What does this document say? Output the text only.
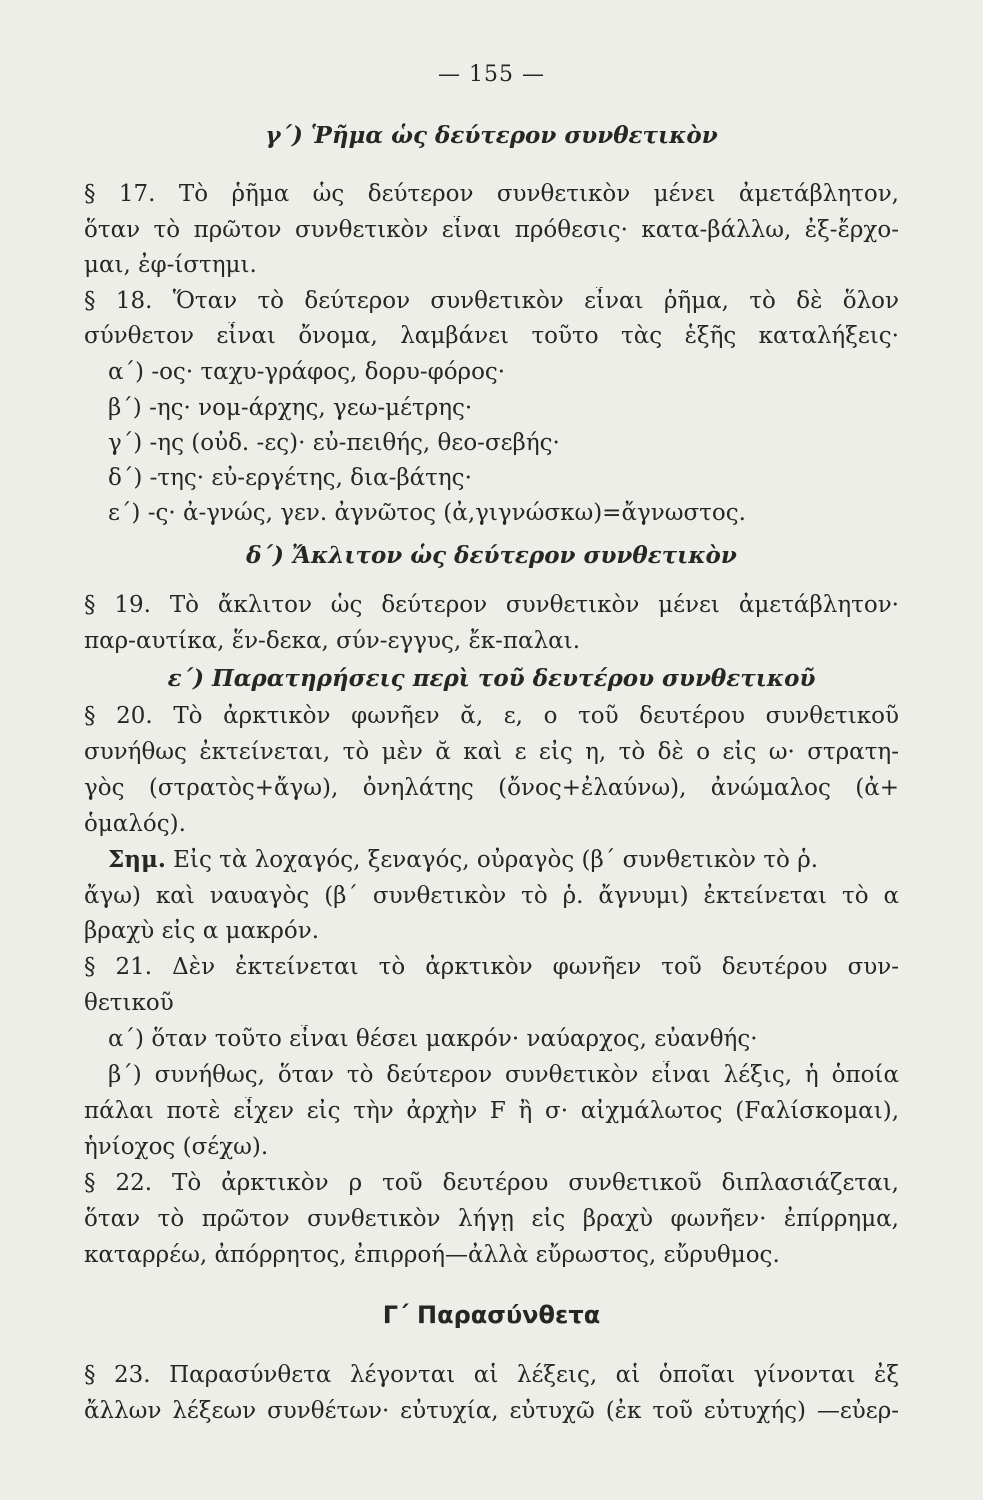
— 155 —
γ΄) Ῥῆμα ὡς δεύτερον συνθετικὸν
§ 17. Τὸ ῥῆμα ὡς δεύτερον συνθετικὸν μένει ἀμετάβλητον,
ὅταν τὸ πρῶτον συνθετικὸν εἶναι πρόθεσις· κατα-βάλλω, ἐξ-ἔρχο-
μαι, ἐφ-ίστημι.
§ 18. Ὅταν τὸ δεύτερον συνθετικὸν εἶναι ῥῆμα, τὸ δὲ ὅλον
σύνθετον εἶναι ὄνομα, λαμβάνει τοῦτο τὰς ἑξῆς καταλήξεις·
α΄) -ος· ταχυ-γράφος, δορυ-φόρος·
β΄) -ης· νομ-άρχης, γεω-μέτρης·
γ΄) -ης (οὐδ. -ες)· εὐ-πειθής, θεο-σεβής·
δ΄) -της· εὐ-εργέτης, δια-βάτης·
ε΄) -ς· ἀ-γνώς, γεν. ἀγνῶτος (ἀ,γιγνώσκω)=ἄγνωστος.
δ΄) Ἄκλιτον ὡς δεύτερον συνθετικὸν
§ 19. Τὸ ἄκλιτον ὡς δεύτερον συνθετικὸν μένει ἀμετάβλητον·
παρ-αυτίκα, ἕν-δεκα, σύν-εγγυς, ἔκ-παλαι.
ε΄) Παρατηρήσεις περὶ τοῦ δευτέρου συνθετικοῦ
§ 20. Τὸ ἀρκτικὸν φωνῆεν ᾰ, ε, ο τοῦ δευτέρου συνθετικοῦ
συνήθως ἐκτείνεται, τὸ μὲν ᾰ καὶ ε εἰς η, τὸ δὲ ο εἰς ω· στρατη-
γὸς (στρατὸς+ἄγω), ὀνηλάτης (ὄνος+ἐλαύνω), ἀνώμαλος (ἀ+
ὁμαλός).
Σημ. Εἰς τὰ λοχαγός, ξεναγός, οὐραγὸς (β΄ συνθετικὸν τὸ ῥ.
ἄγω) καὶ ναυαγὸς (β΄ συνθετικὸν τὸ ῥ. ἄγνυμι) ἐκτείνεται τὸ α
βραχὺ εἰς α μακρόν.
§ 21. Δὲν ἐκτείνεται τὸ ἀρκτικὸν φωνῆεν τοῦ δευτέρου συν-
θετικοῦ
α΄) ὅταν τοῦτο εἶναι θέσει μακρόν· ναύαρχος, εὐανθής·
β΄) συνήθως, ὅταν τὸ δεύτερον συνθετικὸν εἶναι λέξις, ἡ ὁποία
πάλαι ποτὲ εἶχεν εἰς τὴν ἀρχὴν F ἢ σ· αἰχμάλωτος (Fαλίσκομαι),
ἡνίοχος (σέχω).
§ 22. Τὸ ἀρκτικὸν ρ τοῦ δευτέρου συνθετικοῦ διπλασιάζεται,
ὅταν τὸ πρῶτον συνθετικὸν λήγῃ εἰς βραχὺ φωνῆεν· ἐπίρρημα,
καταρρέω, ἀπόρρητος, ἐπιρροή—ἀλλὰ εὔρωστος, εὔρυθμος.
Γ΄ Παρασύνθετα
§ 23. Παρασύνθετα λέγονται αἱ λέξεις, αἱ ὁποῖαι γίνονται ἐξ
ἄλλων λέξεων συνθέτων· εὐτυχία, εὐτυχῶ (ἐκ τοῦ εὐτυχής) —εὐερ-
